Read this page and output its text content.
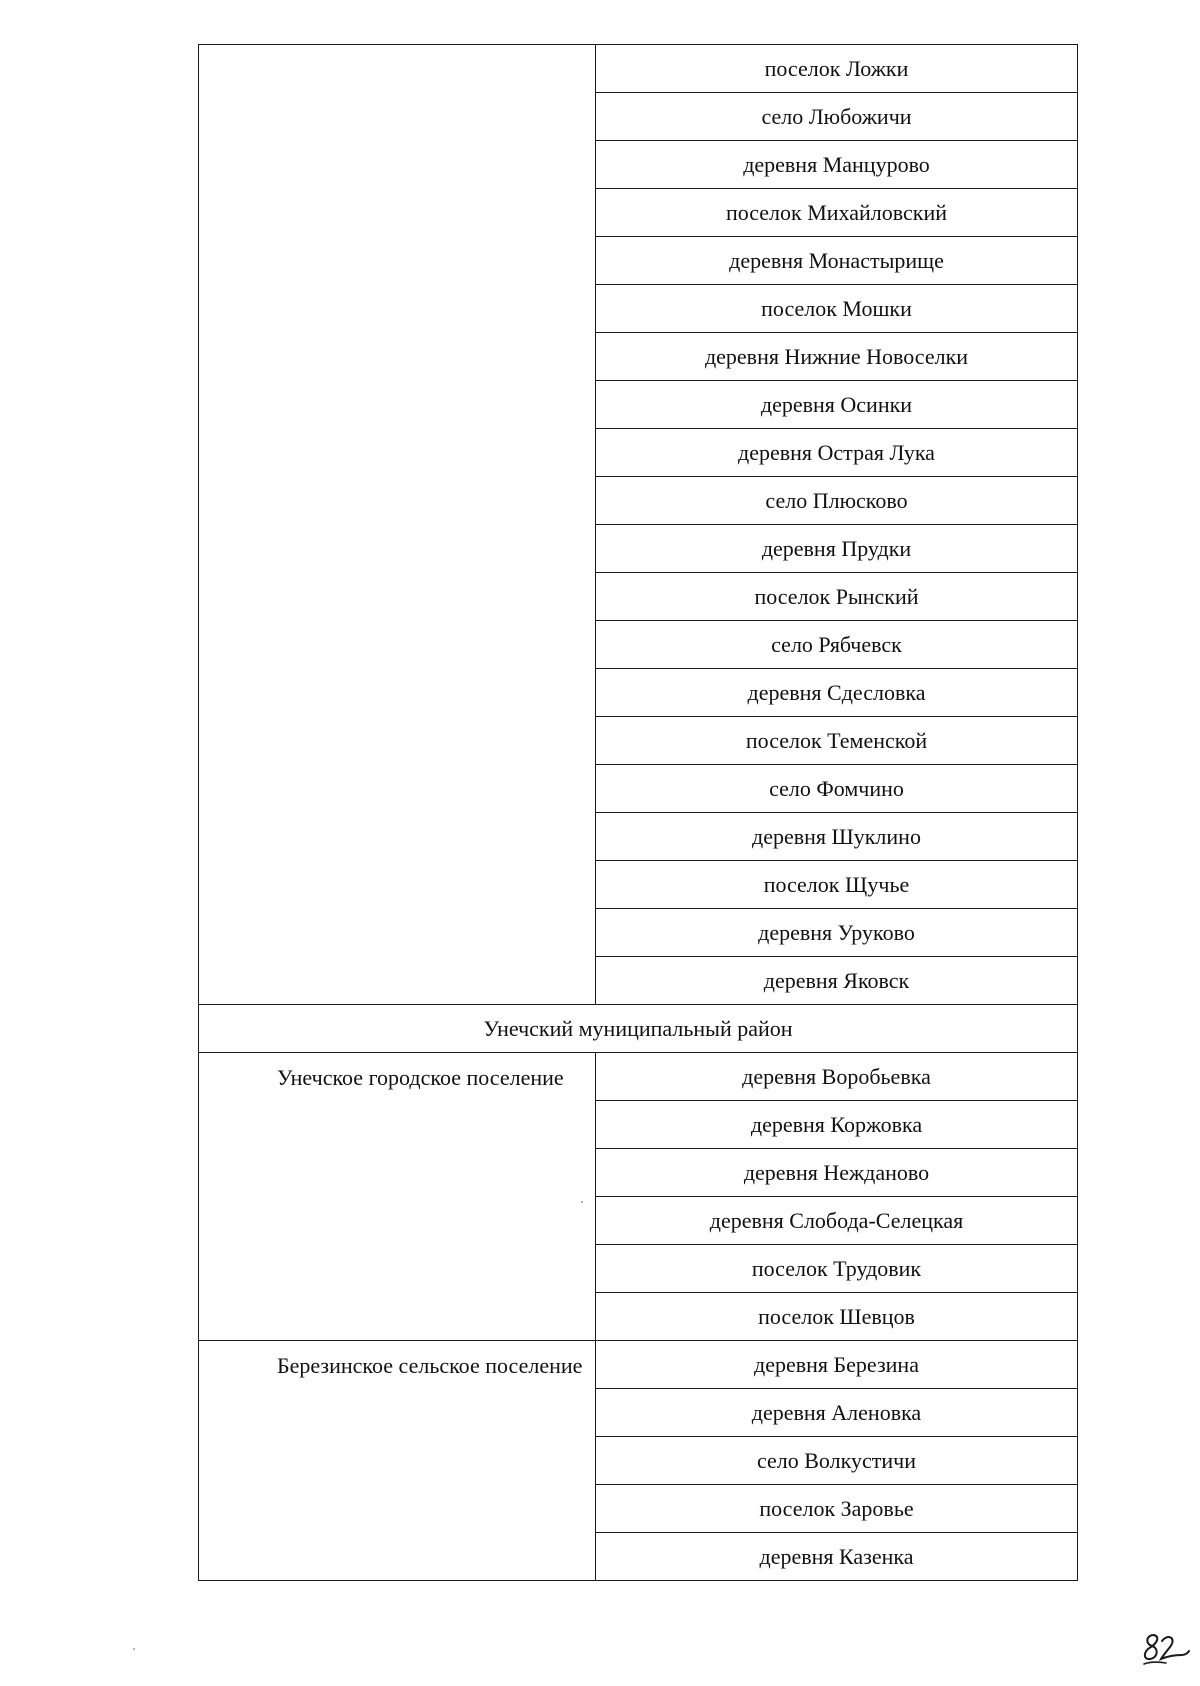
	поселок Ложки
	село Любожичи
	деревня Манцурово
	поселок Михайловский
	деревня Монастырище
	поселок Мошки
	деревня Нижние Новоселки
	деревня Осинки
	деревня Острая Лука
	село Плюсково
	деревня Прудки
	поселок Рынский
	село Рябчевск
	деревня Сдесловка
	поселок Теменской
	село Фомчино
	деревня Шуклино
	поселок Щучье
	деревня Уруково
	деревня Яковск
Унечский муниципальный район	

Унечское городское поселение	деревня Воробьевка
	деревня Коржовка
	деревня Нежданово
	деревня Слобода-Селецкая
	поселок Трудовик
	поселок Шевцов

Березинское сельское поселение	деревня Березина
	деревня Аленовка
	село Волкустичи
	поселок Заровье
	деревня Казенка
